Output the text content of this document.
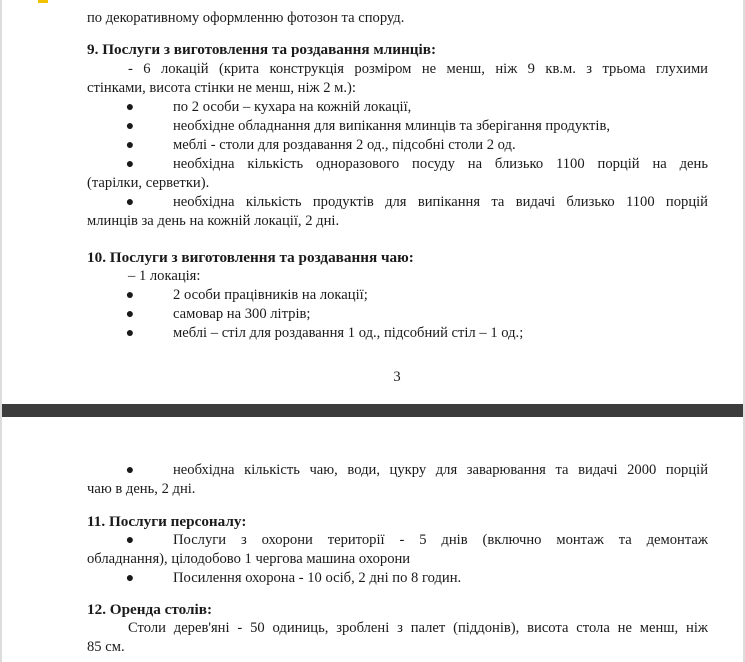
по декоративному оформленню фотозон та споруд.
9. Послуги з виготовлення та роздавання млинців:
- 6 локацій (крита конструкція розміром не менш, ніж 9 кв.м. з трьома глухими
стінками, висота стінки не менш, ніж 2 м.):
●	по 2 особи – кухара на кожній локації,
●	необхідне обладнання для випікання млинців та зберігання продуктів,
●	меблі - столи для роздавання 2 од., підсобні столи 2 од.
●	необхідна кількість одноразового посуду на близько 1100 порцій на день
(тарілки, серветки).
●	необхідна кількість продуктів для випікання та видачі близько 1100 порцій
млинців за день на кожній локації, 2 дні.
10. Послуги з виготовлення та роздавання чаю:
– 1 локація:
●	2 особи працівників на локації;
●	самовар на 300 літрів;
●	меблі – стіл для роздавання 1 од., підсобний стіл – 1 од.;
3
●	необхідна кількість чаю, води, цукру для заварювання та видачі 2000 порцій
чаю в день, 2 дні.
11. Послуги персоналу:
●	Послуги з охорони території - 5 днів (включно монтаж та демонтаж
обладнання), цілодобово 1 чергова машина охорони
●	Посилення охорона - 10 осіб, 2 дні по 8 годин.
12. Оренда столів:
Столи дерев'яні - 50 одиниць, зроблені з палет (піддонів), висота стола не менш, ніж
85 см.
